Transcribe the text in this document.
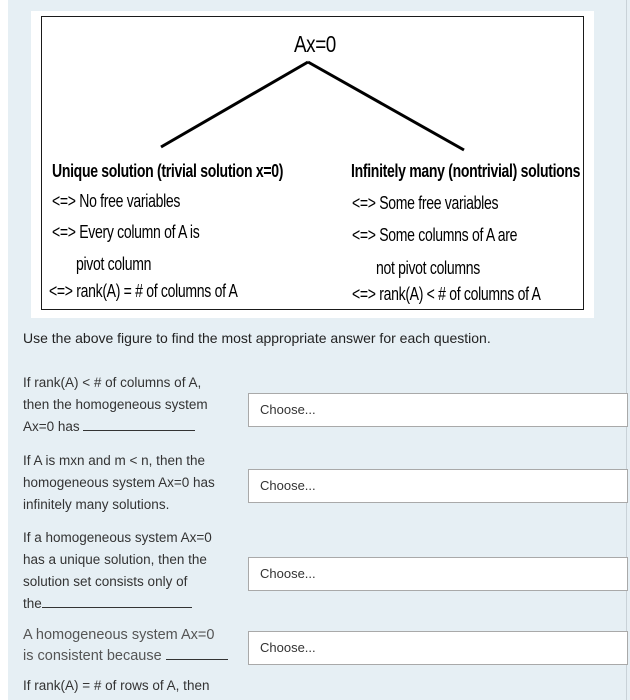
Ax=0
Unique solution (trivial solution x=0)
<=> No free variables
<=> Every column of A is
pivot column
<=> rank(A) = # of columns of A
Infinitely many (nontrivial) solutions
<=> Some free variables
<=> Some columns of A are
not pivot columns
<=> rank(A) < # of columns of A
Use the above figure to find the most appropriate answer for each question.
If rank(A) < # of columns of A,
then the homogeneous system
Ax=0 has
Choose...
If A is mxn and m < n, then the
homogeneous system Ax=0 has
infinitely many solutions.
Choose...
If a homogeneous system Ax=0
has a unique solution, then the
solution set consists only of
the
Choose...
A homogeneous system Ax=0
is consistent because
Choose...
If rank(A) = # of rows of A, then
